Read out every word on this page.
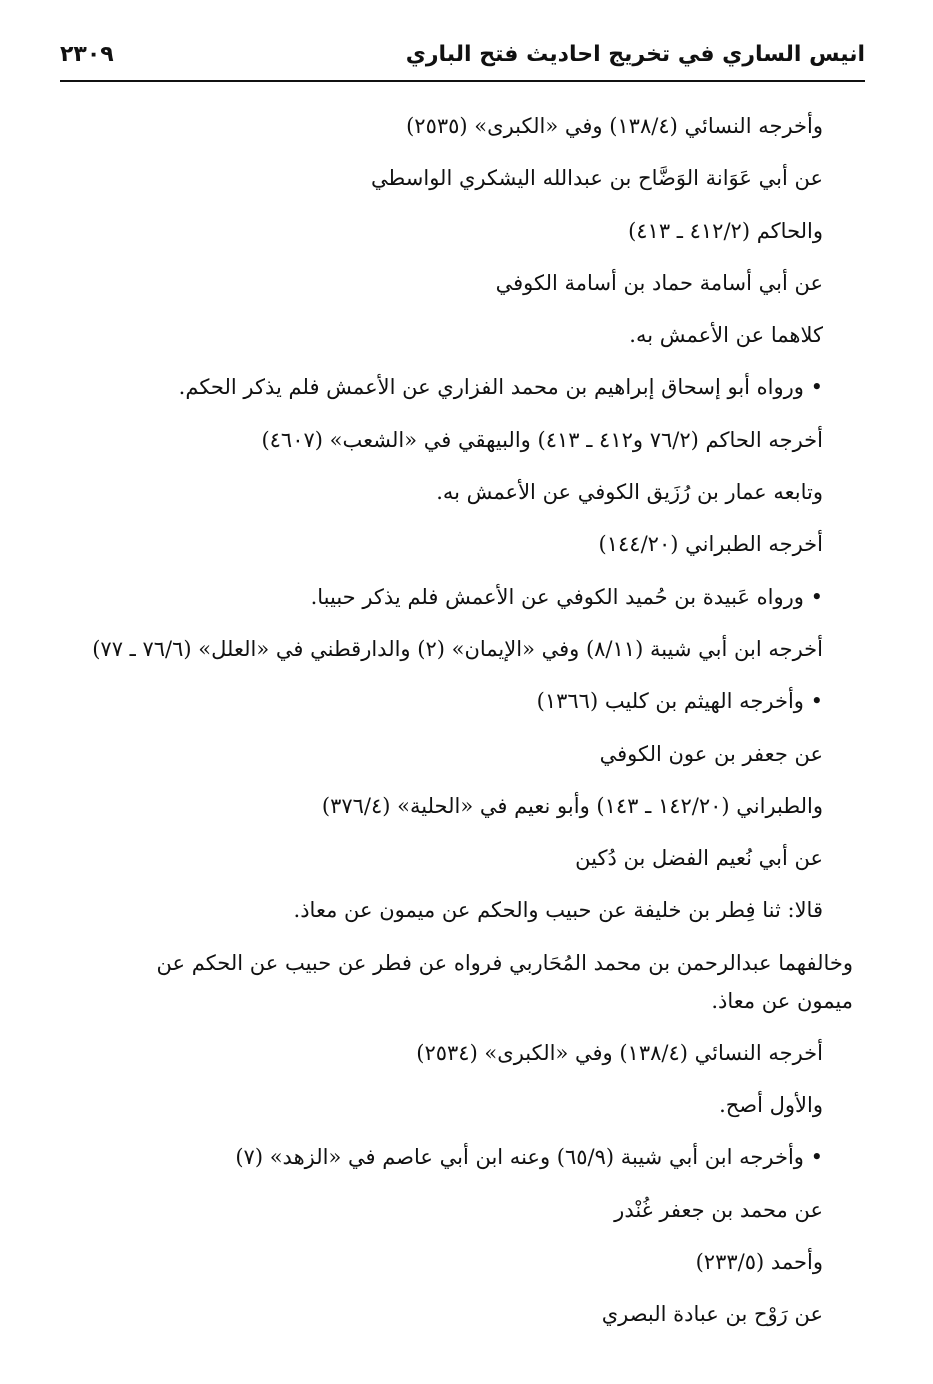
انيس الساري في تخريج احاديث فتح الباري
٢٣٠٩
وأخرجه النسائي (١٣٨/٤) وفي «الكبرى» (٢٥٣٥)
عن أبي عَوَانة الوَضَّاح بن عبدالله اليشكري الواسطي
والحاكم (٤١٢/٢ ـ ٤١٣)
عن أبي أسامة حماد بن أسامة الكوفي
كلاهما عن الأعمش به.
• ورواه أبو إسحاق إبراهيم بن محمد الفزاري عن الأعمش فلم يذكر الحكم.
أخرجه الحاكم (٧٦/٢ و٤١٢ ـ ٤١٣) والبيهقي في «الشعب» (٤٦٠٧)
وتابعه عمار بن رُزَيق الكوفي عن الأعمش به.
أخرجه الطبراني (١٤٤/٢٠)
• ورواه عَبيدة بن حُميد الكوفي عن الأعمش فلم يذكر حبيبا.
أخرجه ابن أبي شيبة (٨/١١) وفي «الإيمان» (٢) والدارقطني في «العلل» (٧٦/٦ ـ ٧٧)
• وأخرجه الهيثم بن كليب (١٣٦٦)
عن جعفر بن عون الكوفي
والطبراني (١٤٢/٢٠ ـ ١٤٣) وأبو نعيم في «الحلية» (٣٧٦/٤)
عن أبي نُعيم الفضل بن دُكين
قالا: ثنا فِطر بن خليفة عن حبيب والحكم عن ميمون عن معاذ.
وخالفهما عبدالرحمن بن محمد المُحَاربي فرواه عن فطر عن حبيب عن الحكم عن
ميمون عن معاذ.
أخرجه النسائي (١٣٨/٤) وفي «الكبرى» (٢٥٣٤)
والأول أصح.
• وأخرجه ابن أبي شيبة (٦٥/٩) وعنه ابن أبي عاصم في «الزهد» (٧)
عن محمد بن جعفر غُنْدر
وأحمد (٢٣٣/٥)
عن رَوْح بن عبادة البصري
